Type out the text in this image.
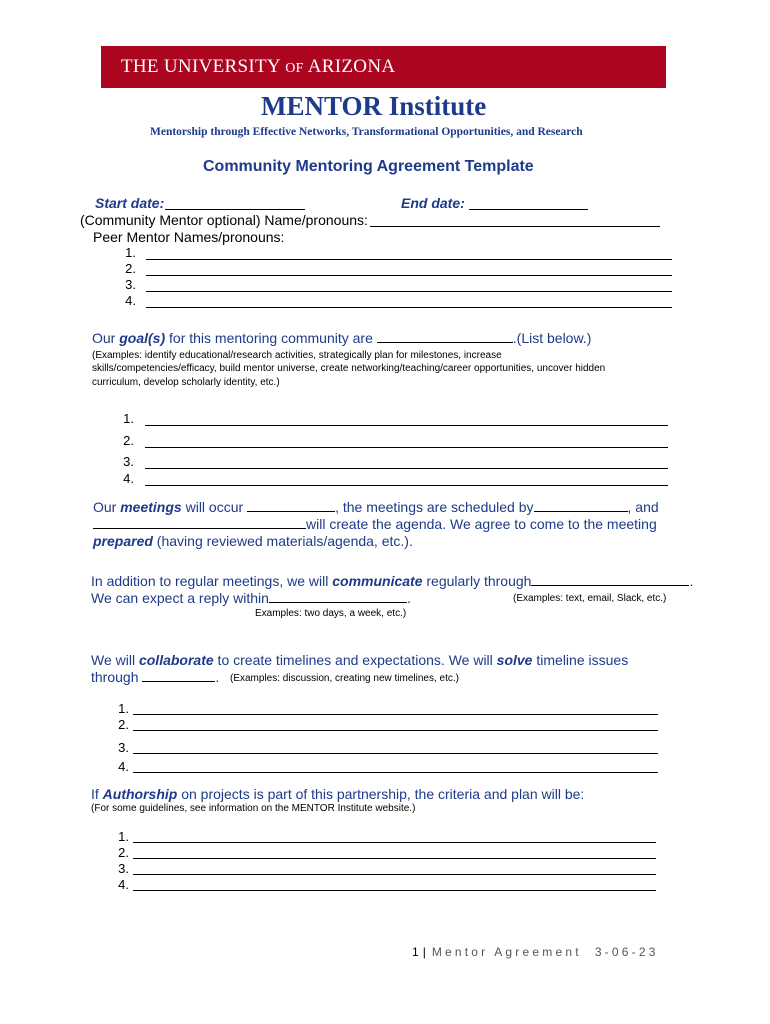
THE UNIVERSITY OF ARIZONA
MENTOR Institute
Mentorship through Effective Networks, Transformational Opportunities, and Research
Community Mentoring Agreement Template
Start date:	End date:
(Community Mentor optional) Name/pronouns:
Peer Mentor Names/pronouns:
1.
2.
3.
4.
Our goal(s) for this mentoring community are	.(List below.)
(Examples: identify educational/research activities, strategically plan for milestones, increase
skills/competencies/efficacy, build mentor universe, create networking/teaching/career opportunities, uncover hidden
curriculum, develop scholarly identity, etc.)
1.
2.
3.
4.
Our meetings will occur	, the meetings are scheduled by	, and
will create the agenda. We agree to come to the meeting
prepared (having reviewed materials/agenda, etc.).
In addition to regular meetings, we will communicate regularly through	.
We can expect a reply within	.	(Examples: text, email, Slack, etc.)
Examples: two days, a week, etc.)
We will collaborate to create timelines and expectations. We will solve timeline issues
through	. (Examples: discussion, creating new timelines, etc.)
1.
2.
3.
4.
If Authorship on projects is part of this partnership, the criteria and plan will be:
(For some guidelines, see information on the MENTOR Institute website.)
1.
2.
3.
4.
1 | Mentor Agreement 3-06-23
